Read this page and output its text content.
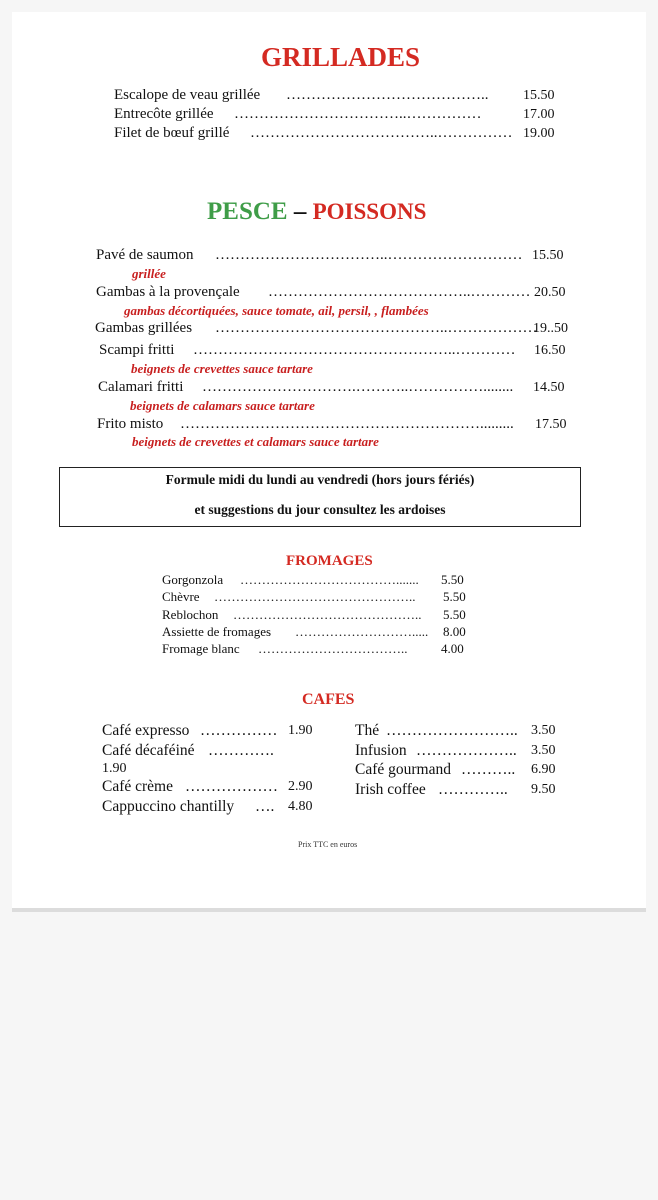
GRILLADES
Escalope de veau grillée ………………………………….. 15.50
Entrecôte grillée ……………………………..……………	17.00
Filet de bœuf grillé ………………………………..…………… 19.00
PESCE – POISSONS
Pavé de saumon ……………………………..……………………… 15.50
grillée
Gambas à la provençale …………………………………..………… 20.50
gambas décortiquées, sauce tomate, ail, persil, , flambées
Gambas grillées ………………………………………..………………
19..50
Scampi fritti ……………………………………………..………… 16.50
beignets de crevettes sauce tartare
Calamari fritti ………………………….………..……………........ 14.50
beignets de calamars sauce tartare
Frito misto ……………………………………………………......... 17.50
beignets de crevettes et calamars sauce tartare
Formule midi du lundi au vendredi (hors jours fériés)
et suggestions du jour consultez les ardoises
FROMAGES
Gorgonzola ………………………………....... 5.50
Chèvre ……………………………………….. 5.50
Reblochon …………………………………….. 5.50
Assiette de fromages ………………………..... 8.00
Fromage blanc ……………………………..	4.00
CAFES
Café expresso …………… 1.90
Café décaféiné ………….
1.90
Café crème ……………… 2.90
Cappuccino chantilly …. 4.80
Thé …………………….. 3.50
Infusion ……………….. 3.50
Café gourmand ……….. 6.90
Irish coffee ………….. 9.50
Prix TTC en euros
